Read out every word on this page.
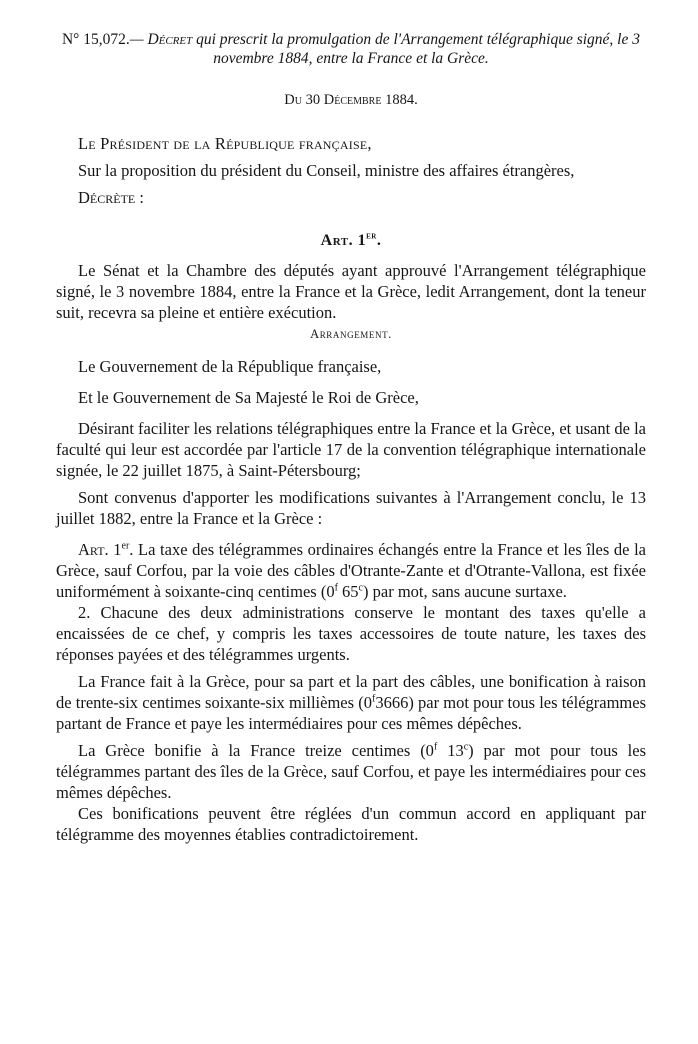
N° 15,072.— Décret qui prescrit la promulgation de l'Arrangement télégraphique signé, le 3 novembre 1884, entre la France et la Grèce.

Du 30 Décembre 1884.

Le Président de la République française,

Sur la proposition du président du Conseil, ministre des affaires étrangères,

Décrète :

Art. 1er.

Le Sénat et la Chambre des députés ayant approuvé l'Arrangement télégraphique signé, le 3 novembre 1884, entre la France et la Grèce, ledit Arrangement, dont la teneur suit, recevra sa pleine et entière exécution.

Arrangement.

Le Gouvernement de la République française,

Et le Gouvernement de Sa Majesté le Roi de Grèce,

Désirant faciliter les relations télégraphiques entre la France et la Grèce, et usant de la faculté qui leur est accordée par l'article 17 de la convention télégraphique internationale signée, le 22 juillet 1875, à Saint-Pétersbourg;

Sont convenus d'apporter les modifications suivantes à l'Arrangement conclu, le 13 juillet 1882, entre la France et la Grèce :

Art. 1er. La taxe des télégrammes ordinaires échangés entre la France et les îles de la Grèce, sauf Corfou, par la voie des câbles d'Otrante-Zante et d'Otrante-Vallona, est fixée uniformément à soixante-cinq centimes (0$^f$ 65$^c$) par mot, sans aucune surtaxe.

2. Chacune des deux administrations conserve le montant des taxes qu'elle a encaissées de ce chef, y compris les taxes accessoires de toute nature, les taxes des réponses payées et des télégrammes urgents.

La France fait à la Grèce, pour sa part et la part des câbles, une bonification à raison de trente-six centimes soixante-six millièmes (0$^f$3666) par mot pour tous les télégrammes partant de France et paye les intermédiaires pour ces mêmes dépêches.

La Grèce bonifie à la France treize centimes (0$^f$ 13$^c$) par mot pour tous les télégrammes partant des îles de la Grèce, sauf Corfou, et paye les intermédiaires pour ces mêmes dépêches.

Ces bonifications peuvent être réglées d'un commun accord en appliquant par télégramme des moyennes établies contradictoirement.
